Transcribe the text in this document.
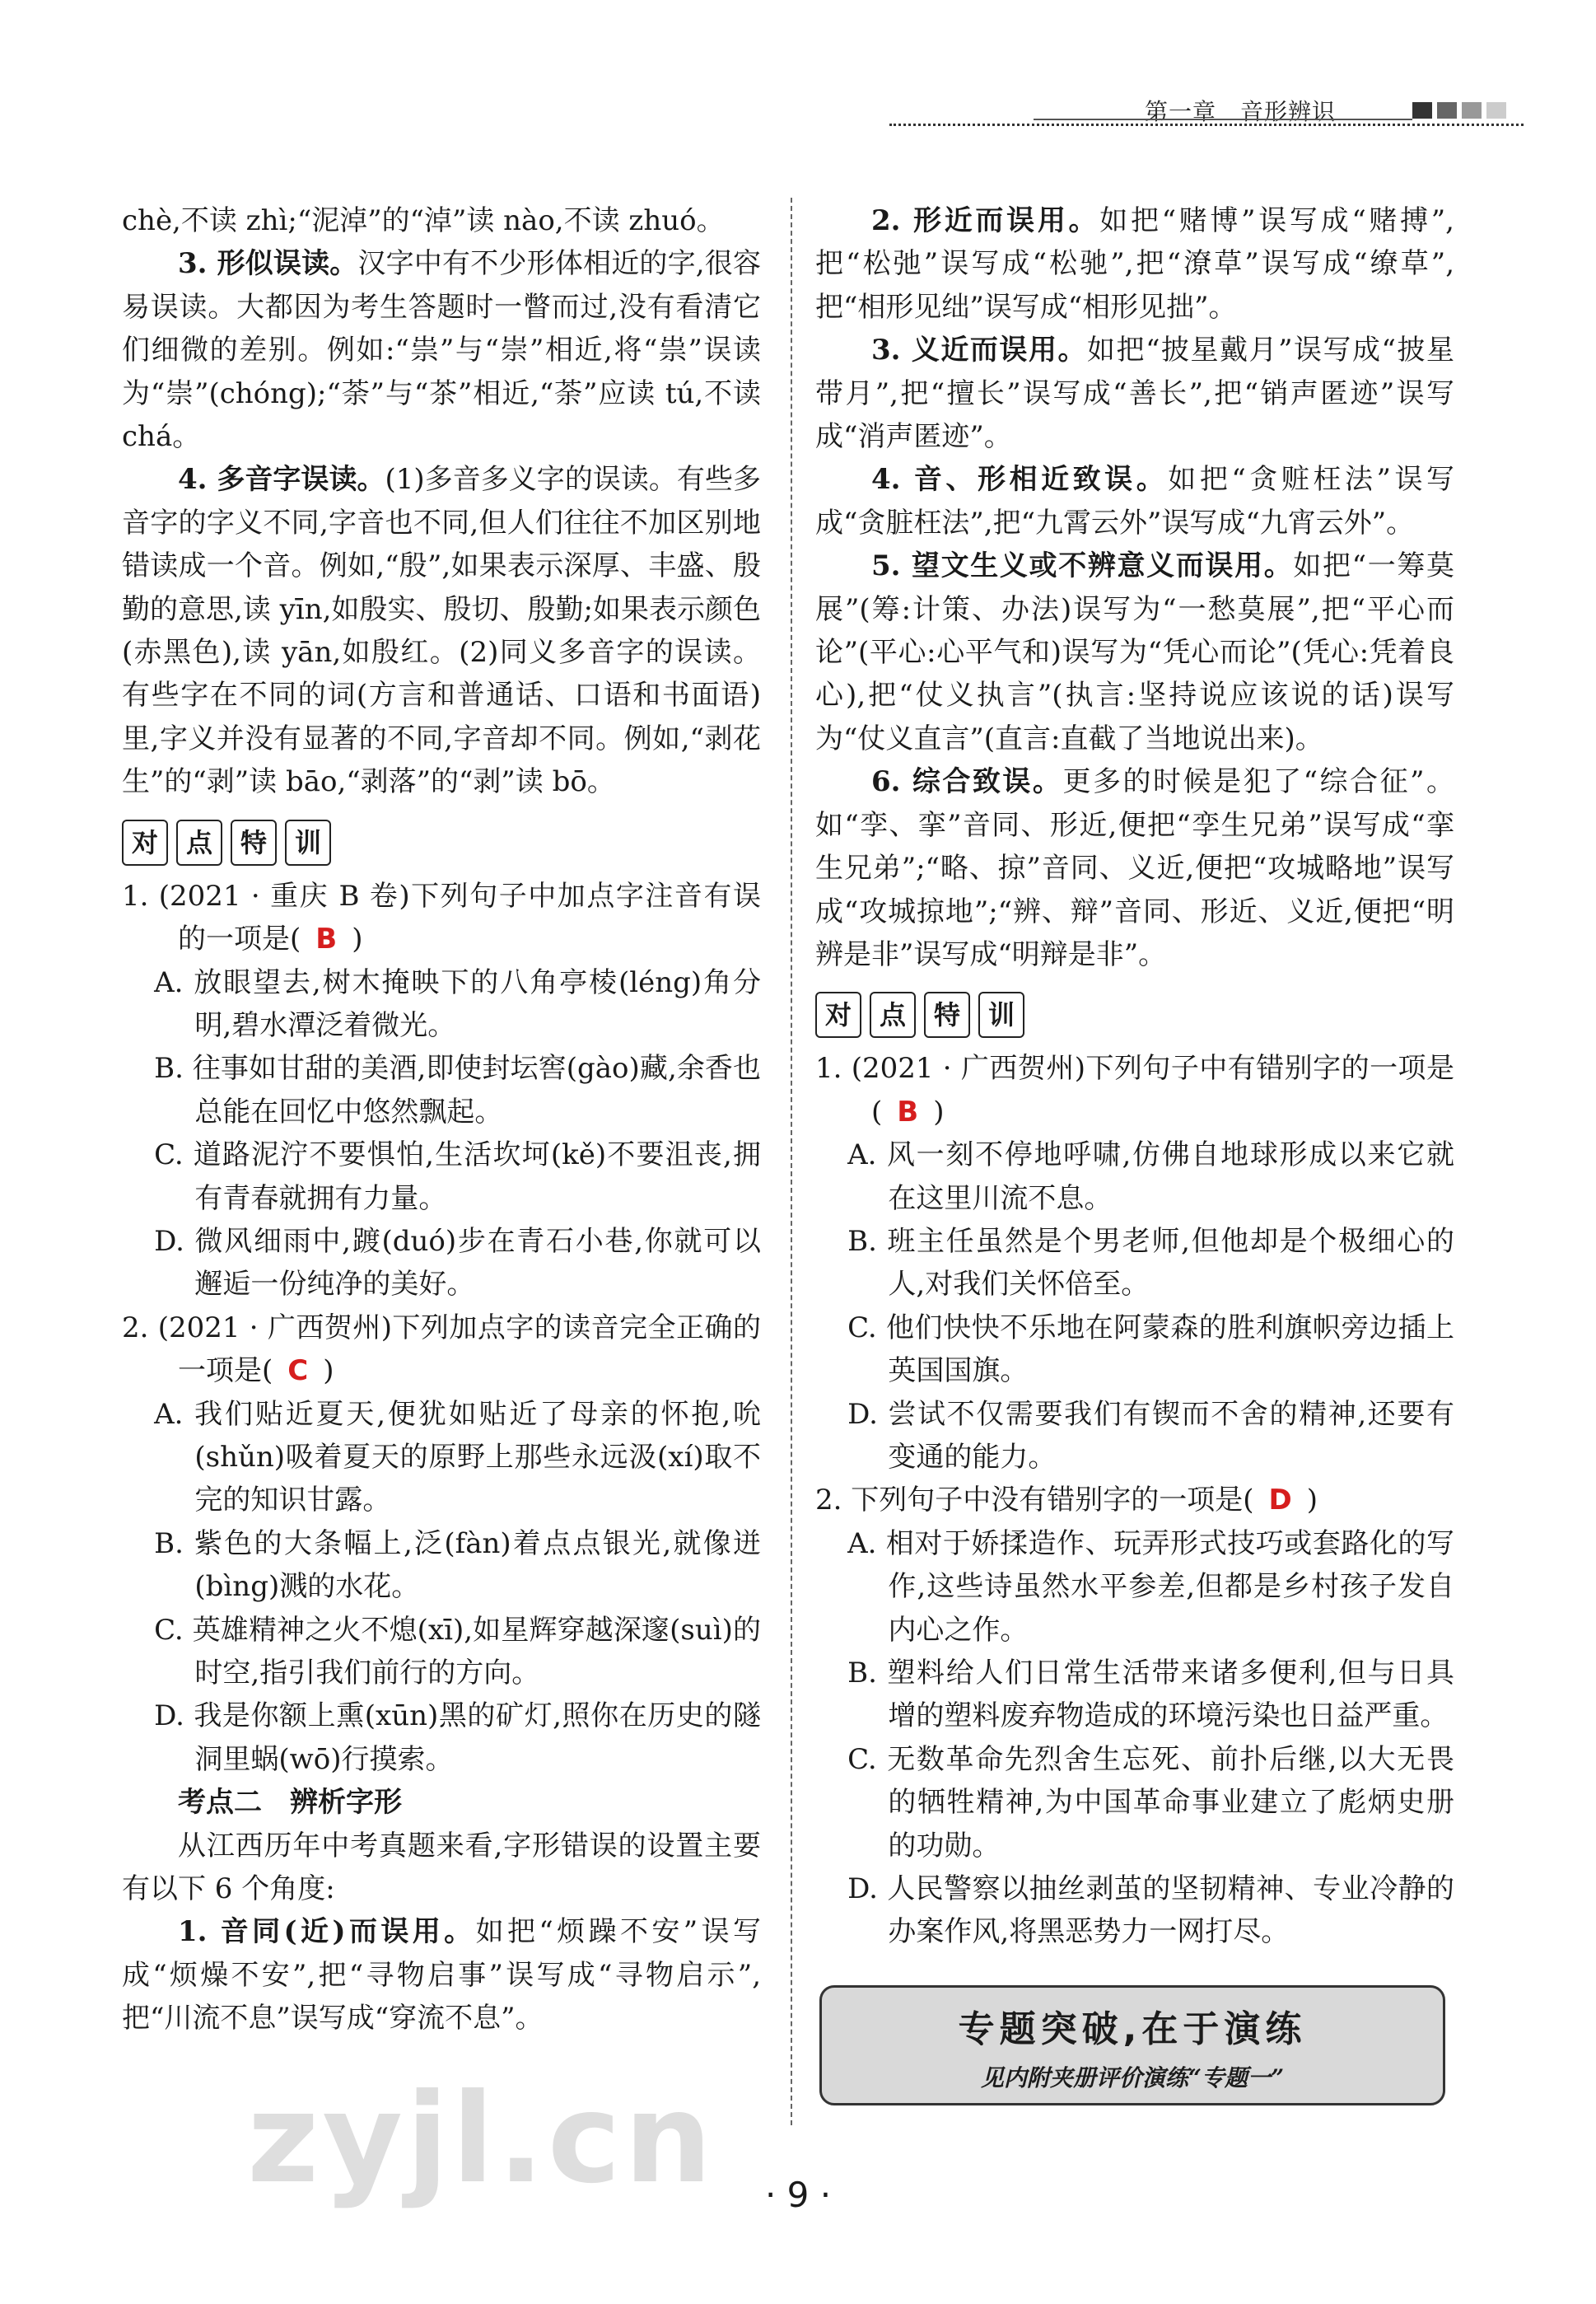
第一章　音形辨识

chè,不读 zhì;“泥淖”的“淖”读 nào,不读 zhuó。

3. 形似误读。汉字中有不少形体相近的字,很容易误读。大都因为考生答题时一瞥而过,没有看清它们细微的差别。例如:“祟”与“崇”相近,将“祟”误读为“崇”(chóng);“荼”与“茶”相近,“荼”应读 tú,不读 chá。

4. 多音字误读。(1)多音多义字的误读。有些多音字的字义不同,字音也不同,但人们往往不加区别地错读成一个音。例如,“殷”,如果表示深厚、丰盛、殷勤的意思,读 yīn,如殷实、殷切、殷勤;如果表示颜色(赤黑色),读 yān,如殷红。(2)同义多音字的误读。有些字在不同的词(方言和普通话、口语和书面语)里,字义并没有显著的不同,字音却不同。例如,“剥花生”的“剥”读 bāo,“剥落”的“剥”读 bō。

对	点	特	训

1. (2021 · 重庆 B 卷)下列句子中加点字注音有误的一项是( B )

A. 放眼望去,树木掩映下的八角亭棱(léng)角分明,碧水潭泛着微光。

B. 往事如甘甜的美酒,即使封坛窖(gào)藏,余香也总能在回忆中悠然飘起。

C. 道路泥泞不要惧怕,生活坎坷(kě)不要沮丧,拥有青春就拥有力量。

D. 微风细雨中,踱(duó)步在青石小巷,你就可以邂逅一份纯净的美好。

2. (2021 · 广西贺州)下列加点字的读音完全正确的一项是( C )

A. 我们贴近夏天,便犹如贴近了母亲的怀抱,吮(shǔn)吸着夏天的原野上那些永远汲(xí)取不完的知识甘露。

B. 紫色的大条幅上,泛(fàn)着点点银光,就像迸(bìng)溅的水花。

C. 英雄精神之火不熄(xī),如星辉穿越深邃(suì)的时空,指引我们前行的方向。

D. 我是你额上熏(xūn)黑的矿灯,照你在历史的隧洞里蜗(wō)行摸索。

考点二　辨析字形

从江西历年中考真题来看,字形错误的设置主要有以下 6 个角度:

1. 音同(近)而误用。如把“烦躁不安”误写成“烦燥不安”,把“寻物启事”误写成“寻物启示”,把“川流不息”误写成“穿流不息”。

2. 形近而误用。如把“赌博”误写成“赌搏”,把“松弛”误写成“松驰”,把“潦草”误写成“缭草”,把“相形见绌”误写成“相形见拙”。

3. 义近而误用。如把“披星戴月”误写成“披星带月”,把“擅长”误写成“善长”,把“销声匿迹”误写成“消声匿迹”。

4. 音、形相近致误。如把“贪赃枉法”误写成“贪脏枉法”,把“九霄云外”误写成“九宵云外”。

5. 望文生义或不辨意义而误用。如把“一筹莫展”(筹:计策、办法)误写为“一愁莫展”,把“平心而论”(平心:心平气和)误写为“凭心而论”(凭心:凭着良心),把“仗义执言”(执言:坚持说应该说的话)误写为“仗义直言”(直言:直截了当地说出来)。

6. 综合致误。更多的时候是犯了“综合征”。如“孪、挛”音同、形近,便把“孪生兄弟”误写成“挛生兄弟”;“略、掠”音同、义近,便把“攻城略地”误写成“攻城掠地”;“辨、辩”音同、形近、义近,便把“明辨是非”误写成“明辩是非”。

对	点	特	训

1. (2021 · 广西贺州)下列句子中有错别字的一项是( B )

A. 风一刻不停地呼啸,仿佛自地球形成以来它就在这里川流不息。

B. 班主任虽然是个男老师,但他却是个极细心的人,对我们关怀倍至。

C. 他们快快不乐地在阿蒙森的胜利旗帜旁边插上英国国旗。

D. 尝试不仅需要我们有锲而不舍的精神,还要有变通的能力。

2. 下列句子中没有错别字的一项是( D )

A. 相对于娇揉造作、玩弄形式技巧或套路化的写作,这些诗虽然水平参差,但都是乡村孩子发自内心之作。

B. 塑料给人们日常生活带来诸多便利,但与日具增的塑料废弃物造成的环境污染也日益严重。

C. 无数革命先烈舍生忘死、前扑后继,以大无畏的牺牲精神,为中国革命事业建立了彪炳史册的功勋。

D. 人民警察以抽丝剥茧的坚韧精神、专业冷静的办案作风,将黑恶势力一网打尽。

专题突破,在于演练
见内附夹册评价演练“专题一”
zyjl.cn	· 9 ·
